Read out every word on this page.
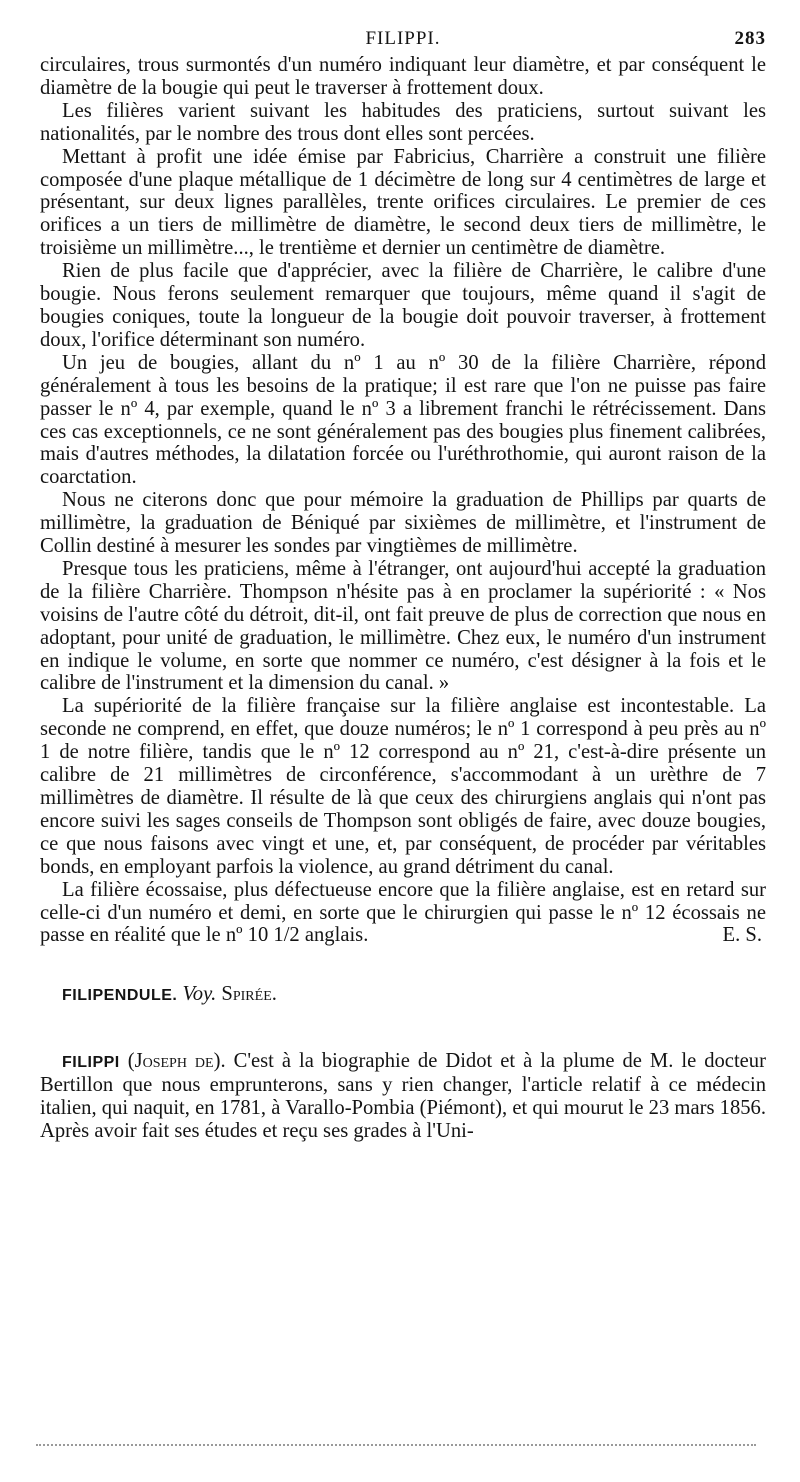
FILIPPI.	283

circulaires, trous surmontés d'un numéro indiquant leur diamètre, et par conséquent le diamètre de la bougie qui peut le traverser à frottement doux.

Les filières varient suivant les habitudes des praticiens, surtout suivant les nationalités, par le nombre des trous dont elles sont percées.

Mettant à profit une idée émise par Fabricius, Charrière a construit une filière composée d'une plaque métallique de 1 décimètre de long sur 4 centimètres de large et présentant, sur deux lignes parallèles, trente orifices circulaires. Le premier de ces orifices a un tiers de millimètre de diamètre, le second deux tiers de millimètre, le troisième un millimètre..., le trentième et dernier un centimètre de diamètre.

Rien de plus facile que d'apprécier, avec la filière de Charrière, le calibre d'une bougie. Nous ferons seulement remarquer que toujours, même quand il s'agit de bougies coniques, toute la longueur de la bougie doit pouvoir traverser, à frottement doux, l'orifice déterminant son numéro.

Un jeu de bougies, allant du nº 1 au nº 30 de la filière Charrière, répond généralement à tous les besoins de la pratique; il est rare que l'on ne puisse pas faire passer le nº 4, par exemple, quand le nº 3 a librement franchi le rétrécissement. Dans ces cas exceptionnels, ce ne sont généralement pas des bougies plus finement calibrées, mais d'autres méthodes, la dilatation forcée ou l'uréthrothomie, qui auront raison de la coarctation.

Nous ne citerons donc que pour mémoire la graduation de Phillips par quarts de millimètre, la graduation de Béniqué par sixièmes de millimètre, et l'instrument de Collin destiné à mesurer les sondes par vingtièmes de millimètre.

Presque tous les praticiens, même à l'étranger, ont aujourd'hui accepté la graduation de la filière Charrière. Thompson n'hésite pas à en proclamer la supériorité : « Nos voisins de l'autre côté du détroit, dit-il, ont fait preuve de plus de correction que nous en adoptant, pour unité de graduation, le millimètre. Chez eux, le numéro d'un instrument en indique le volume, en sorte que nommer ce numéro, c'est désigner à la fois et le calibre de l'instrument et la dimension du canal. »

La supériorité de la filière française sur la filière anglaise est incontestable. La seconde ne comprend, en effet, que douze numéros; le nº 1 correspond à peu près au nº 1 de notre filière, tandis que le nº 12 correspond au nº 21, c'est-à-dire présente un calibre de 21 millimètres de circonférence, s'accommodant à un urèthre de 7 millimètres de diamètre. Il résulte de là que ceux des chirurgiens anglais qui n'ont pas encore suivi les sages conseils de Thompson sont obligés de faire, avec douze bougies, ce que nous faisons avec vingt et une, et, par conséquent, de procéder par véritables bonds, en employant parfois la violence, au grand détriment du canal.

La filière écossaise, plus défectueuse encore que la filière anglaise, est en retard sur celle-ci d'un numéro et demi, en sorte que le chirurgien qui passe le nº 12 écossais ne passe en réalité que le nº 10 1/2 anglais.	E. S.

FILIPENDULE. Voy. Spirée.

FILIPPI (Joseph de). C'est à la biographie de Didot et à la plume de M. le docteur Bertillon que nous emprunterons, sans y rien changer, l'article relatif à ce médecin italien, qui naquit, en 1781, à Varallo-Pombia (Piémont), et qui mourut le 23 mars 1856. Après avoir fait ses études et reçu ses grades à l'Uni-
